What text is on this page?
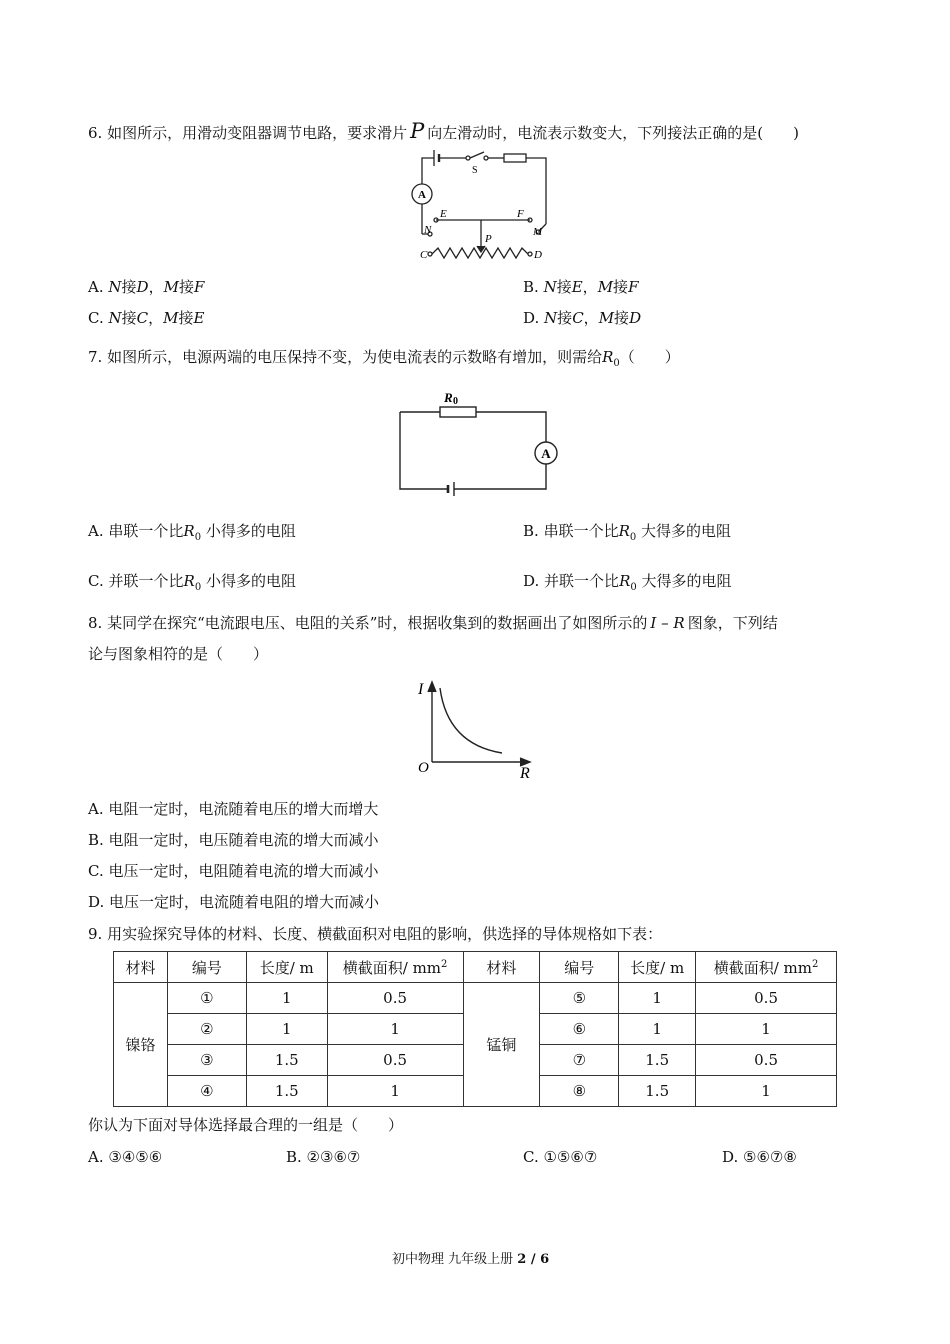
6. 如图所示，用滑动变阻器调节电路，要求滑片 P 向左滑动时，电流表示数变大，下列接法正确的是(　　)
A
S
E	F
N	M
P
C	D
A. N接D，M接F	B. N接E，M接F
C. N接C，M接E	D. N接C，M接D
7. 如图所示，电源两端的电压保持不变，为使电流表的示数略有增加，则需给$R_0$（　　）
R 0
A
A. 串联一个比$R_0$ 小得多的电阻	B. 串联一个比$R_0$ 大得多的电阻
C. 并联一个比$R_0$ 小得多的电阻	D. 并联一个比$R_0$ 大得多的电阻
8. 某同学在探究“电流跟电压、电阻的关系”时，根据收集到的数据画出了如图所示的 I – R 图象，下列结
论与图象相符的是（　　）
I
O	R
A. 电阻一定时，电流随着电压的增大而增大
B. 电阻一定时，电压随着电流的增大而减小
C. 电压一定时，电阻随着电流的增大而减小
D. 电压一定时，电流随着电阻的增大而减小
9. 用实验探究导体的材料、长度、横截面积对电阻的影响，供选择的导体规格如下表：
材料	编号	长度/ m	横截面积/ $mm^2$	材料	编号	长度/ m	横截面积/ $mm^2$
镍铬	①	1	0.5	锰铜	⑤	1	0.5
	②	1	1		⑥	1	1
	③	1.5	0.5		⑦	1.5	0.5
	④	1.5	1		⑧	1.5	1
你认为下面对导体选择最合理的一组是（　　）
A. ③④⑤⑥	B. ②③⑥⑦	C. ①⑤⑥⑦	D. ⑤⑥⑦⑧
初中物理 九年级上册 2 / 6
